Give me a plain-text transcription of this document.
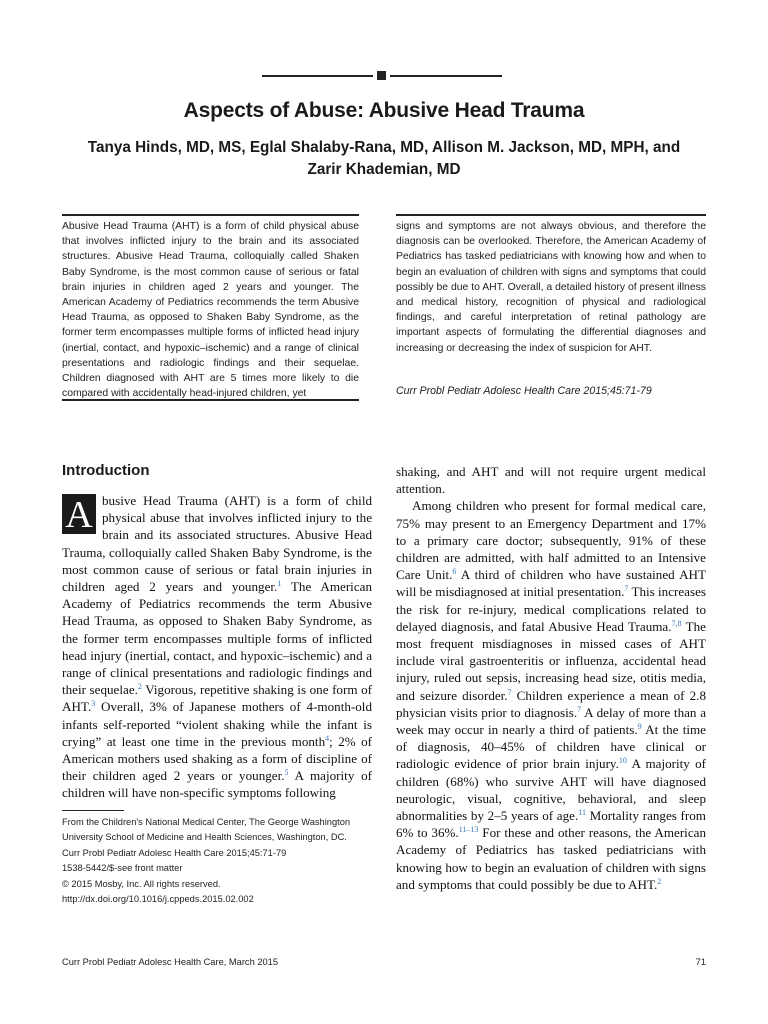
Aspects of Abuse: Abusive Head Trauma
Tanya Hinds, MD, MS, Eglal Shalaby-Rana, MD, Allison M. Jackson, MD, MPH, and
Zarir Khademian, MD
Abusive Head Trauma (AHT) is a form of child physical abuse that involves inflicted injury to the brain and its associated structures. Abusive Head Trauma, colloquially called Shaken Baby Syndrome, is the most common cause of serious or fatal brain injuries in children aged 2 years and younger. The American Academy of Pediatrics recommends the term Abusive Head Trauma, as opposed to Shaken Baby Syndrome, as the former term encompasses multiple forms of inflicted head injury (inertial, contact, and hypoxic–ischemic) and a range of clinical presentations and radiologic findings and their sequelae. Children diagnosed with AHT are 5 times more likely to die compared with accidentally head-injured children, yet
signs and symptoms are not always obvious, and therefore the diagnosis can be overlooked. Therefore, the American Academy of Pediatrics has tasked pediatricians with knowing how and when to begin an evaluation of children with signs and symptoms that could possibly be due to AHT. Overall, a detailed history of present illness and medical history, recognition of physical and radiological findings, and careful interpretation of retinal pathology are important aspects of formulating the differential diagnoses and increasing or decreasing the index of suspicion for AHT.
Curr Probl Pediatr Adolesc Health Care 2015;45:71-79
Introduction

A busive Head Trauma (AHT) is a form of child physical abuse that involves inflicted injury to the brain and its associated structures. Abusive Head Trauma, colloquially called Shaken Baby Syndrome, is the most common cause of serious or fatal brain injuries in children aged 2 years and younger.$^1$ The American Academy of Pediatrics recommends the term Abusive Head Trauma, as opposed to Shaken Baby Syndrome, as the former term encompasses multiple forms of inflicted head injury (inertial, contact, and hypoxic–ischemic) and a range of clinical presentations and radiologic findings and their sequelae.$^2$ Vigorous, repetitive shaking is one form of AHT.$^3$ Overall, 3% of Japanese mothers of 4-month-old infants self-reported “violent shaking while the infant is crying” at least one time in the previous month$^4$; 2% of American mothers used shaking as a form of discipline of their children aged 2 years or younger.$^5$ A majority of children will have non-specific symptoms following

shaking, and AHT and will not require urgent medical attention.

Among children who present for formal medical care, 75% may present to an Emergency Department and 17% to a primary care doctor; subsequently, 91% of these children are admitted, with half admitted to an Intensive Care Unit.$^6$ A third of children who have sustained AHT will be misdiagnosed at initial presentation.$^7$ This increases the risk for re-injury, medical complications related to delayed diagnosis, and fatal Abusive Head Trauma.$^{7,8}$ The most frequent misdiagnoses in missed cases of AHT include viral gastroenteritis or influenza, accidental head injury, ruled out sepsis, increasing head size, otitis media, and seizure disorder.$^7$ Children experience a mean of 2.8 physician visits prior to diagnosis.$^7$ A delay of more than a week may occur in nearly a third of patients.$^9$ At the time of diagnosis, 40–45% of children have clinical or radiologic evidence of prior brain injury.$^{10}$ A majority of children (68%) who survive AHT will have diagnosed neurologic, visual, cognitive, behavioral, and sleep abnormalities by 2–5 years of age.$^{11}$ Mortality ranges from 6% to 36%.$^{11-13}$ For these and other reasons, the American Academy of Pediatrics has tasked pediatricians with knowing how to begin an evaluation of children with signs and symptoms that could possibly be due to AHT.$^2$

From the Children's National Medical Center, The George Washington University School of Medicine and Health Sciences, Washington, DC.
Curr Probl Pediatr Adolesc Health Care 2015;45:71-79
1538-5442/$-see front matter
© 2015 Mosby, Inc. All rights reserved.
http://dx.doi.org/10.1016/j.cppeds.2015.02.002
Curr Probl Pediatr Adolesc Health Care, March 2015	71
